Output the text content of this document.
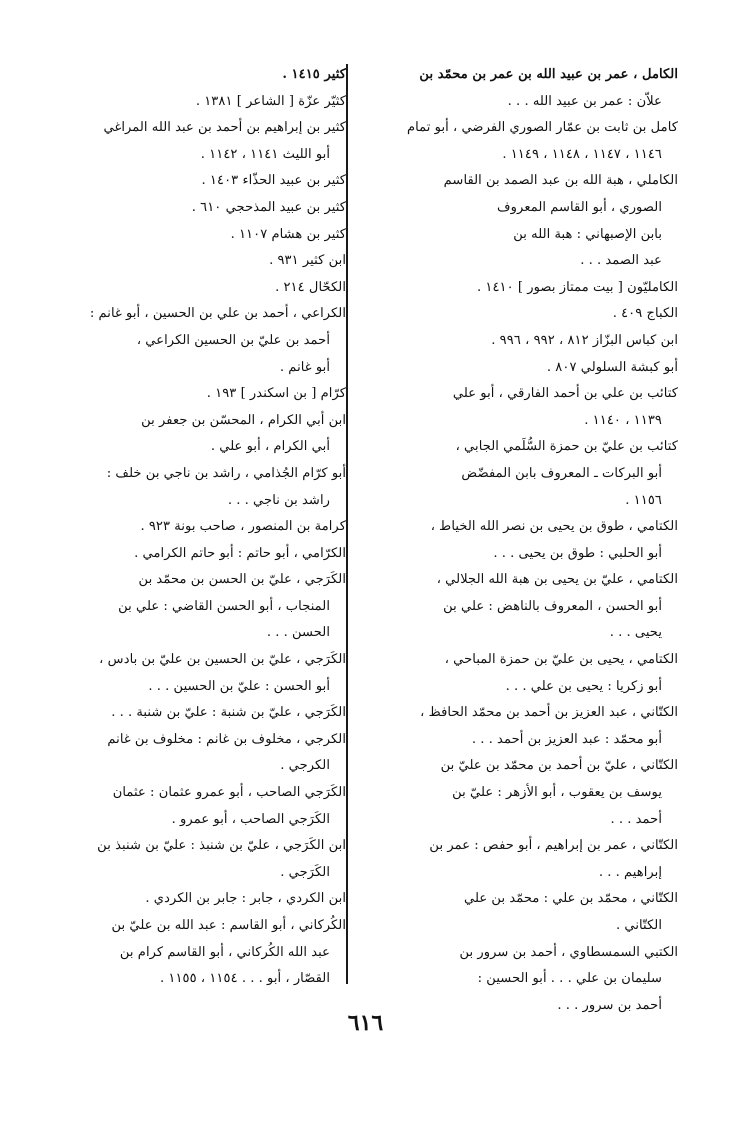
الكامل ، عمر بن عبيد الله بن عمر بن محمّد بن
علاّن : عمر بن عبيد الله . . .
كامل بن ثابت بن عمّار الصوري الفرضي ، أبو تمام
١١٤٦ ، ١١٤٧ ، ١١٤٨ ، ١١٤٩ .
الكاملي ، هبة الله بن عبد الصمد بن القاسم
الصوري ، أبو القاسم المعروف
بابن الإصبهاني : هبة الله بن
عبد الصمد . . .
الكامليّون [ بيت ممتاز بصور ] ١٤١٠ .
الكباج ٤٠٩ .
ابن كباس البزّاز ٨١٢ ، ٩٩٢ ، ٩٩٦ .
أبو كبشة السلولي ٨٠٧ .
كتائب بن علي بن أحمد الفارقي ، أبو علي
١١٣٩ ، ١١٤٠ .
كتائب بن عليّ بن حمزة السُّلَمي الجابي ،
أبو البركات ـ المعروف بابن المفضّض
١١٥٦ .
الكتامي ، طوق بن يحيى بن نصر الله الخياط ،
أبو الحلبي : طوق بن يحيى . . .
الكتامي ، عليّ بن يحيى بن هبة الله الجلالي ،
أبو الحسن ، المعروف بالناهض : علي بن
يحيى . . .
الكتامي ، يحيى بن عليّ بن حمزة المباحي ،
أبو زكريا : يحيى بن علي . . .
الكتّاني ، عبد العزيز بن أحمد بن محمّد الحافظ ،
أبو محمّد : عبد العزيز بن أحمد . . .
الكتّاني ، عليّ بن أحمد بن محمّد بن عليّ بن
يوسف بن يعقوب ، أبو الأزهر : عليّ بن
أحمد . . .
الكتّاني ، عمر بن إبراهيم ، أبو حفص : عمر بن
إبراهيم . . .
الكتّاني ، محمّد بن علي : محمّد بن علي
الكتّاني .
الكتبي السمسطاوي ، أحمد بن سرور بن
سليمان بن علي . . . أبو الحسين :
أحمد بن سرور . . .
كثير ١٤١٥ .
كثيّر عزّة [ الشاعر ] ١٣٨١ .
كثير بن إبراهيم بن أحمد بن عبد الله المراغي
أبو الليث ١١٤١ ، ١١٤٢ .
كثير بن عبيد الحذّاء ١٤٠٣ .
كثير بن عبيد المذحجي ٦١٠ .
كثير بن هشام ١١٠٧ .
ابن كثير ٩٣١ .
الكحّال ٢١٤ .
الكراعي ، أحمد بن علي بن الحسين ، أبو غانم :
أحمد بن عليّ بن الحسين الكراعي ،
أبو غانم .
كرّام [ بن اسكندر ] ١٩٣ .
ابن أبي الكرام ، المحسّن بن جعفر بن
أبي الكرام ، أبو علي .
أبو كرّام الجُذامي ، راشد بن ناجي بن خلف :
راشد بن ناجي . . .
كرامة بن المنصور ، صاحب بونة ٩٢٣ .
الكرّامي ، أبو حاتم : أبو حاتم الكرامي .
الكَرَجي ، عليّ بن الحسن بن محمّد بن
المنجاب ، أبو الحسن القاضي : علي بن
الحسن . . .
الكَرَجي ، عليّ بن الحسين بن عليّ بن بادس ،
أبو الحسن : عليّ بن الحسين . . .
الكَرَجي ، عليّ بن شنبة : عليّ بن شنبة . . .
الكرجي ، مخلوف بن غانم : مخلوف بن غانم
الكرجي .
الكَرَجي الصاحب ، أبو عمرو عثمان : عثمان
الكَرَجي الصاحب ، أبو عمرو .
ابن الكَرَجي ، عليّ بن شنبذ : عليّ بن شنبذ بن
الكَرَجي .
ابن الكردي ، جابر : جابر بن الكردي .
الكُركاني ، أبو القاسم : عبد الله بن عليّ بن
عبد الله الكُركاني ، أبو القاسم كرام بن
القصّار ، أبو . . . ١١٥٤ ، ١١٥٥ .
٦١٦
